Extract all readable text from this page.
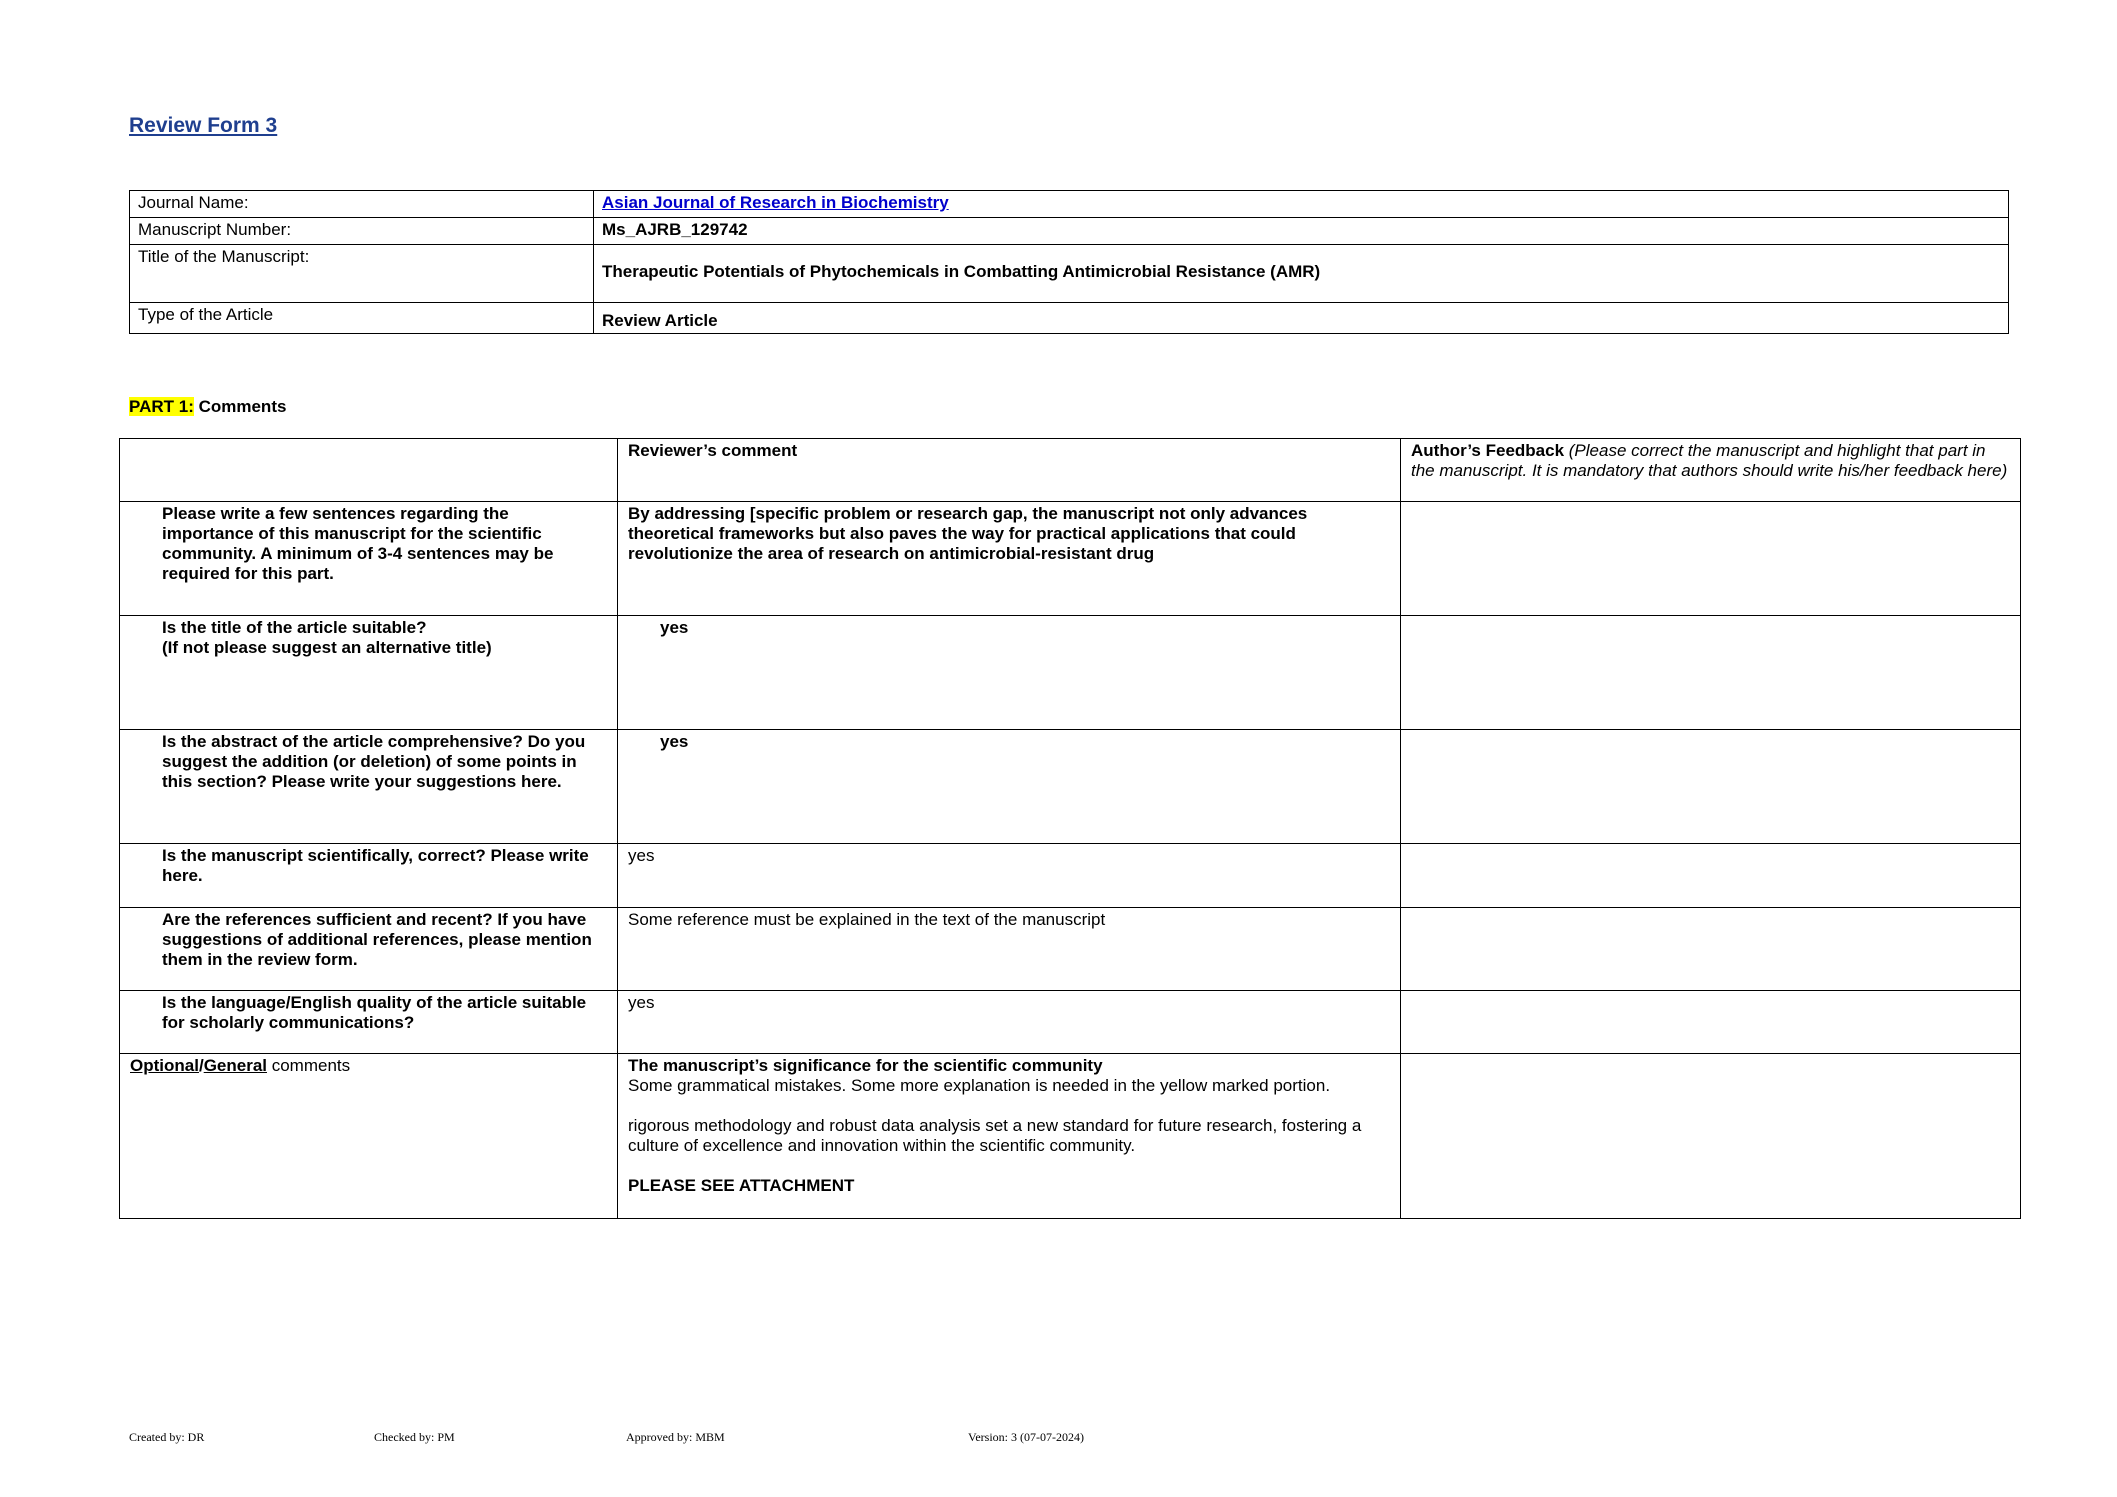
Review Form 3
Journal Name:	Asian Journal of Research in Biochemistry
Manuscript Number:	Ms_AJRB_129742
Title of the Manuscript:	Therapeutic Potentials of Phytochemicals in Combatting Antimicrobial Resistance (AMR)
Type of the Article	Review Article

PART 1: Comments

	Reviewer’s comment	Author’s Feedback (Please correct the manuscript and highlight that part in the manuscript. It is mandatory that authors should write his/her feedback here)
Please write a few sentences regarding the importance of this manuscript for the scientific community. A minimum of 3-4 sentences may be required for this part.	By addressing [specific problem or research gap, the manuscript not only advances theoretical frameworks but also paves the way for practical applications that could revolutionize the area of research on antimicrobial-resistant drug	
Is the title of the article suitable?
(If not please suggest an alternative title)	yes	
Is the abstract of the article comprehensive? Do you suggest the addition (or deletion) of some points in this section? Please write your suggestions here.	yes	
Is the manuscript scientifically, correct? Please write here.	yes	
Are the references sufficient and recent? If you have suggestions of additional references, please mention them in the review form.	Some reference must be explained in the text of the manuscript	
Is the language/English quality of the article suitable for scholarly communications?	yes	
Optional/General comments	The manuscript’s significance for the scientific community
Some grammatical mistakes. Some more explanation is needed in the yellow marked portion.
rigorous methodology and robust data analysis set a new standard for future research, fostering a culture of excellence and innovation within the scientific community.
PLEASE SEE ATTACHMENT	
Created by: DR	Checked by: PM	Approved by: MBM	Version: 3 (07-07-2024)
